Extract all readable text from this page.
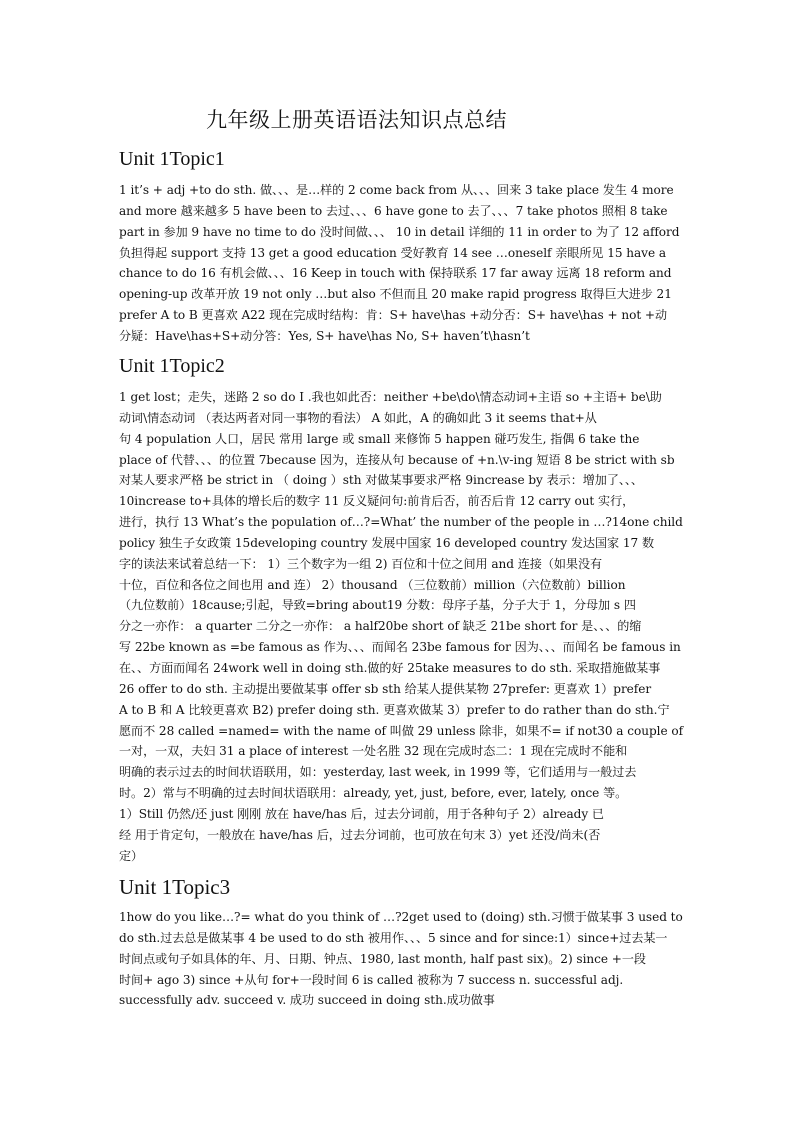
九年级上册英语语法知识点总结
Unit 1Topic1
1 it’s + adj +to do sth. 做、、、是…样的 2 come back from 从、、、回来 3 take place 发生 4 more
and more 越来越多 5 have been to 去过、、、6 have gone to 去了、、、7 take photos 照相 8 take
part in 参加 9 have no time to do 没时间做、、、 10 in detail 详细的 11 in order to 为了 12 afford
负担得起 support 支持 13 get a good education 受好教育 14 see …oneself 亲眼所见 15 have a
chance to do 16 有机会做、、、16 Keep in touch with 保持联系 17 far away 远离 18 reform and
opening-up 改革开放 19 not only …but also 不但而且 20 make rapid progress 取得巨大进步 21
prefer A to B 更喜欢 A22 现在完成时结构：肯：S+ have\has +动分否：S+ have\has + not +动
分疑：Have\has+S+动分答：Yes, S+ have\has No, S+ haven’t\hasn’t
Unit 1Topic2
1 get lost；走失，迷路 2 so do I .我也如此否：neither +be\do\情态动词+主语 so +主语+ be\助
动词\情态动词 （表达两者对同一事物的看法） A 如此，A 的确如此 3 it seems that+从
句 4 population 人口，居民 常用 large 或 small 来修饰 5 happen 碰巧发生, 指偶 6 take the
place of 代替、、、的位置 7because 因为，连接从句 because of +n.\v-ing 短语 8 be strict with sb
对某人要求严格 be strict in （ doing ）sth 对做某事要求严格 9increase by 表示：增加了、、、
10increase to+具体的增长后的数字 11 反义疑问句:前肯后否，前否后肯 12 carry out 实行，
进行，执行 13 What’s the population of…?=What’ the number of the people in …?14one child
policy 独生子女政策 15developing country 发展中国家 16 developed country 发达国家 17 数
字的读法来试着总结一下： 1）三个数字为一组 2) 百位和十位之间用 and 连接（如果没有
十位，百位和各位之间也用 and 连） 2）thousand （三位数前）million（六位数前）billion
（九位数前）18cause;引起，导致=bring about19 分数：母序子基，分子大于 1，分母加 s 四
分之一亦作： a quarter 二分之一亦作： a half20be short of 缺乏 21be short for 是、、、的缩
写 22be known as =be famous as 作为、、、而闻名 23be famous for 因为、、、而闻名 be famous in
在、、方面而闻名 24work well in doing sth.做的好 25take measures to do sth. 采取措施做某事
26 offer to do sth. 主动提出要做某事 offer sb sth 给某人提供某物 27prefer: 更喜欢 1）prefer
A to B 和 A 比较更喜欢 B2) prefer doing sth. 更喜欢做某 3）prefer to do rather than do sth.宁
愿而不 28 called =named= with the name of 叫做 29 unless 除非，如果不= if not30 a couple of
一对，一双，夫妇 31 a place of interest 一处名胜 32 现在完成时态二：1 现在完成时不能和
明确的表示过去的时间状语联用，如：yesterday, last week, in 1999 等，它们适用与一般过去
时。2）常与不明确的过去时间状语联用：already, yet, just, before, ever, lately, once 等。
1）Still 仍然/还 just 刚刚 放在 have/has 后，过去分词前，用于各种句子 2）already 已
经 用于肯定句，一般放在 have/has 后，过去分词前，也可放在句末 3）yet 还没/尚未(否
定）
Unit 1Topic3
1how do you like…?= what do you think of …?2get used to (doing) sth.习惯于做某事 3 used to
do sth.过去总是做某事 4 be used to do sth 被用作、、、5 since and for since:1）since+过去某一
时间点或句子如具体的年、月、日期、钟点、1980, last month, half past six)。2) since +一段
时间+ ago 3) since +从句 for+一段时间 6 is called 被称为 7 success n. successful adj.
successfully adv. succeed v. 成功 succeed in doing sth.成功做事
